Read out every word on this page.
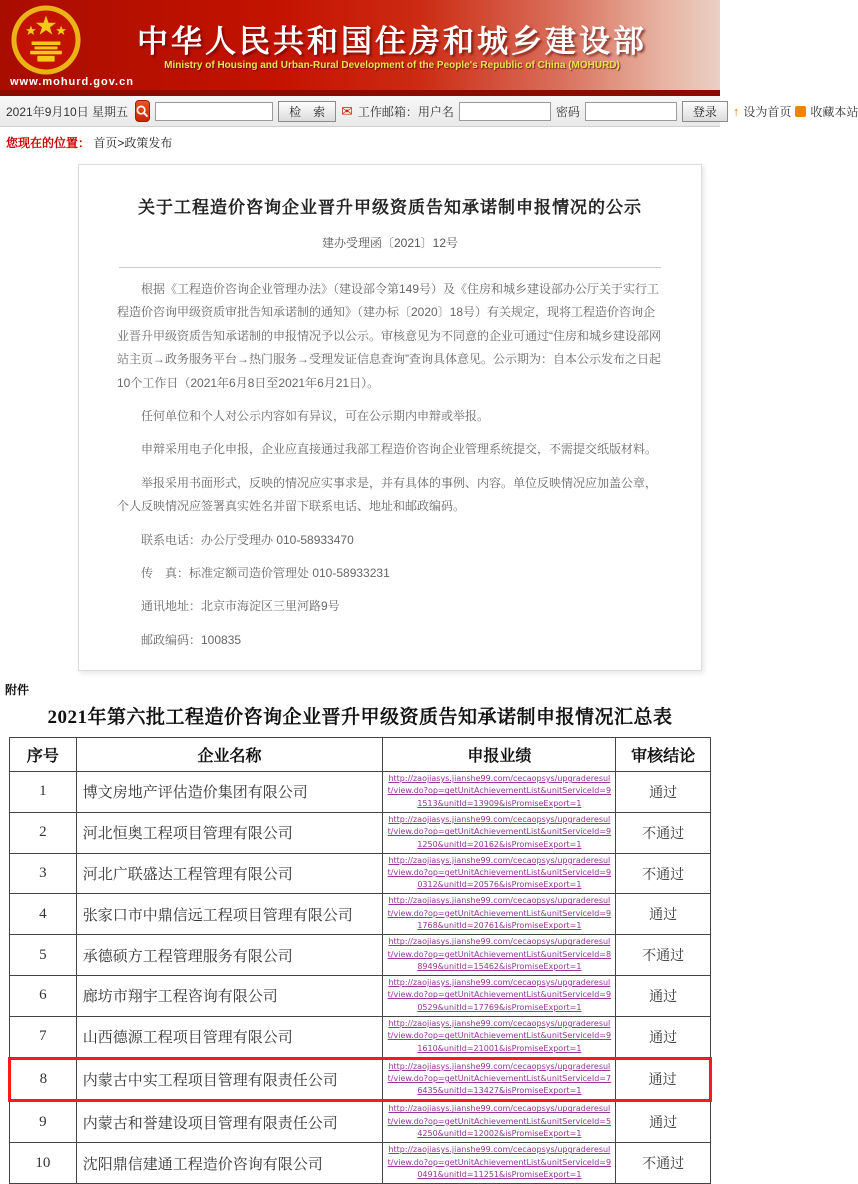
www.mohurd.gov.cn
中华人民共和国住房和城乡建设部
Ministry of Housing and Urban-Rural Development of the People's Republic of China (MOHURD)
2021年9月10日 星期五	检　索	✉ 工作邮箱：用户名	密码	登录	↑ 设为首页 收藏本站
您现在的位置： 首页>政策发布
关于工程造价咨询企业晋升甲级资质告知承诺制申报情况的公示
建办受理函〔2021〕12号

根据《工程造价咨询企业管理办法》（建设部令第149号）及《住房和城乡建设部办公厅关于实行工程造价咨询甲级资质审批告知承诺制的通知》（建办标〔2020〕18号）有关规定，现将工程造价咨询企业晋升甲级资质告知承诺制的申报情况予以公示。审核意见为不同意的企业可通过“住房和城乡建设部网站主页→政务服务平台→热门服务→受理发证信息查询”查询具体意见。公示期为：自本公示发布之日起10个工作日（2021年6月8日至2021年6月21日）。

任何单位和个人对公示内容如有异议，可在公示期内申辩或举报。

申辩采用电子化申报，企业应直接通过我部工程造价咨询企业管理系统提交，不需提交纸版材料。

举报采用书面形式，反映的情况应实事求是，并有具体的事例、内容。单位反映情况应加盖公章，个人反映情况应签署真实姓名并留下联系电话、地址和邮政编码。

联系电话：办公厅受理办 010-58933470

传　真：标准定额司造价管理处 010-58933231

通讯地址：北京市海淀区三里河路9号

邮政编码：100835

附件
2021年第六批工程造价咨询企业晋升甲级资质告知承诺制申报情况汇总表
序号	企业名称	申报业绩	审核结论
1	博文房地产评估造价集团有限公司	http://zaojiasys.jianshe99.com/cecaopsys/upgraderesult/view.do?op=getUnitAchievementList&unitServiceId=91513&unitId=13909&isPromiseExport=1	通过
2	河北恒奥工程项目管理有限公司	http://zaojiasys.jianshe99.com/cecaopsys/upgraderesult/view.do?op=getUnitAchievementList&unitServiceId=91250&unitId=20162&isPromiseExport=1	不通过
3	河北广联盛达工程管理有限公司	http://zaojiasys.jianshe99.com/cecaopsys/upgraderesult/view.do?op=getUnitAchievementList&unitServiceId=90312&unitId=20576&isPromiseExport=1	不通过
4	张家口市中鼎信远工程项目管理有限公司	http://zaojiasys.jianshe99.com/cecaopsys/upgraderesult/view.do?op=getUnitAchievementList&unitServiceId=91768&unitId=20761&isPromiseExport=1	通过
5	承德硕方工程管理服务有限公司	http://zaojiasys.jianshe99.com/cecaopsys/upgraderesult/view.do?op=getUnitAchievementList&unitServiceId=88949&unitId=15462&isPromiseExport=1	不通过
6	廊坊市翔宇工程咨询有限公司	http://zaojiasys.jianshe99.com/cecaopsys/upgraderesult/view.do?op=getUnitAchievementList&unitServiceId=90529&unitId=17769&isPromiseExport=1	通过
7	山西德源工程项目管理有限公司	http://zaojiasys.jianshe99.com/cecaopsys/upgraderesult/view.do?op=getUnitAchievementList&unitServiceId=91610&unitId=21001&isPromiseExport=1	通过
8	内蒙古中实工程项目管理有限责任公司	http://zaojiasys.jianshe99.com/cecaopsys/upgraderesult/view.do?op=getUnitAchievementList&unitServiceId=76435&unitId=13427&isPromiseExport=1	通过
9	内蒙古和誉建设项目管理有限责任公司	http://zaojiasys.jianshe99.com/cecaopsys/upgraderesult/view.do?op=getUnitAchievementList&unitServiceId=54250&unitId=12002&isPromiseExport=1	通过
10	沈阳鼎信建通工程造价咨询有限公司	http://zaojiasys.jianshe99.com/cecaopsys/upgraderesult/view.do?op=getUnitAchievementList&unitServiceId=90491&unitId=11251&isPromiseExport=1	不通过
